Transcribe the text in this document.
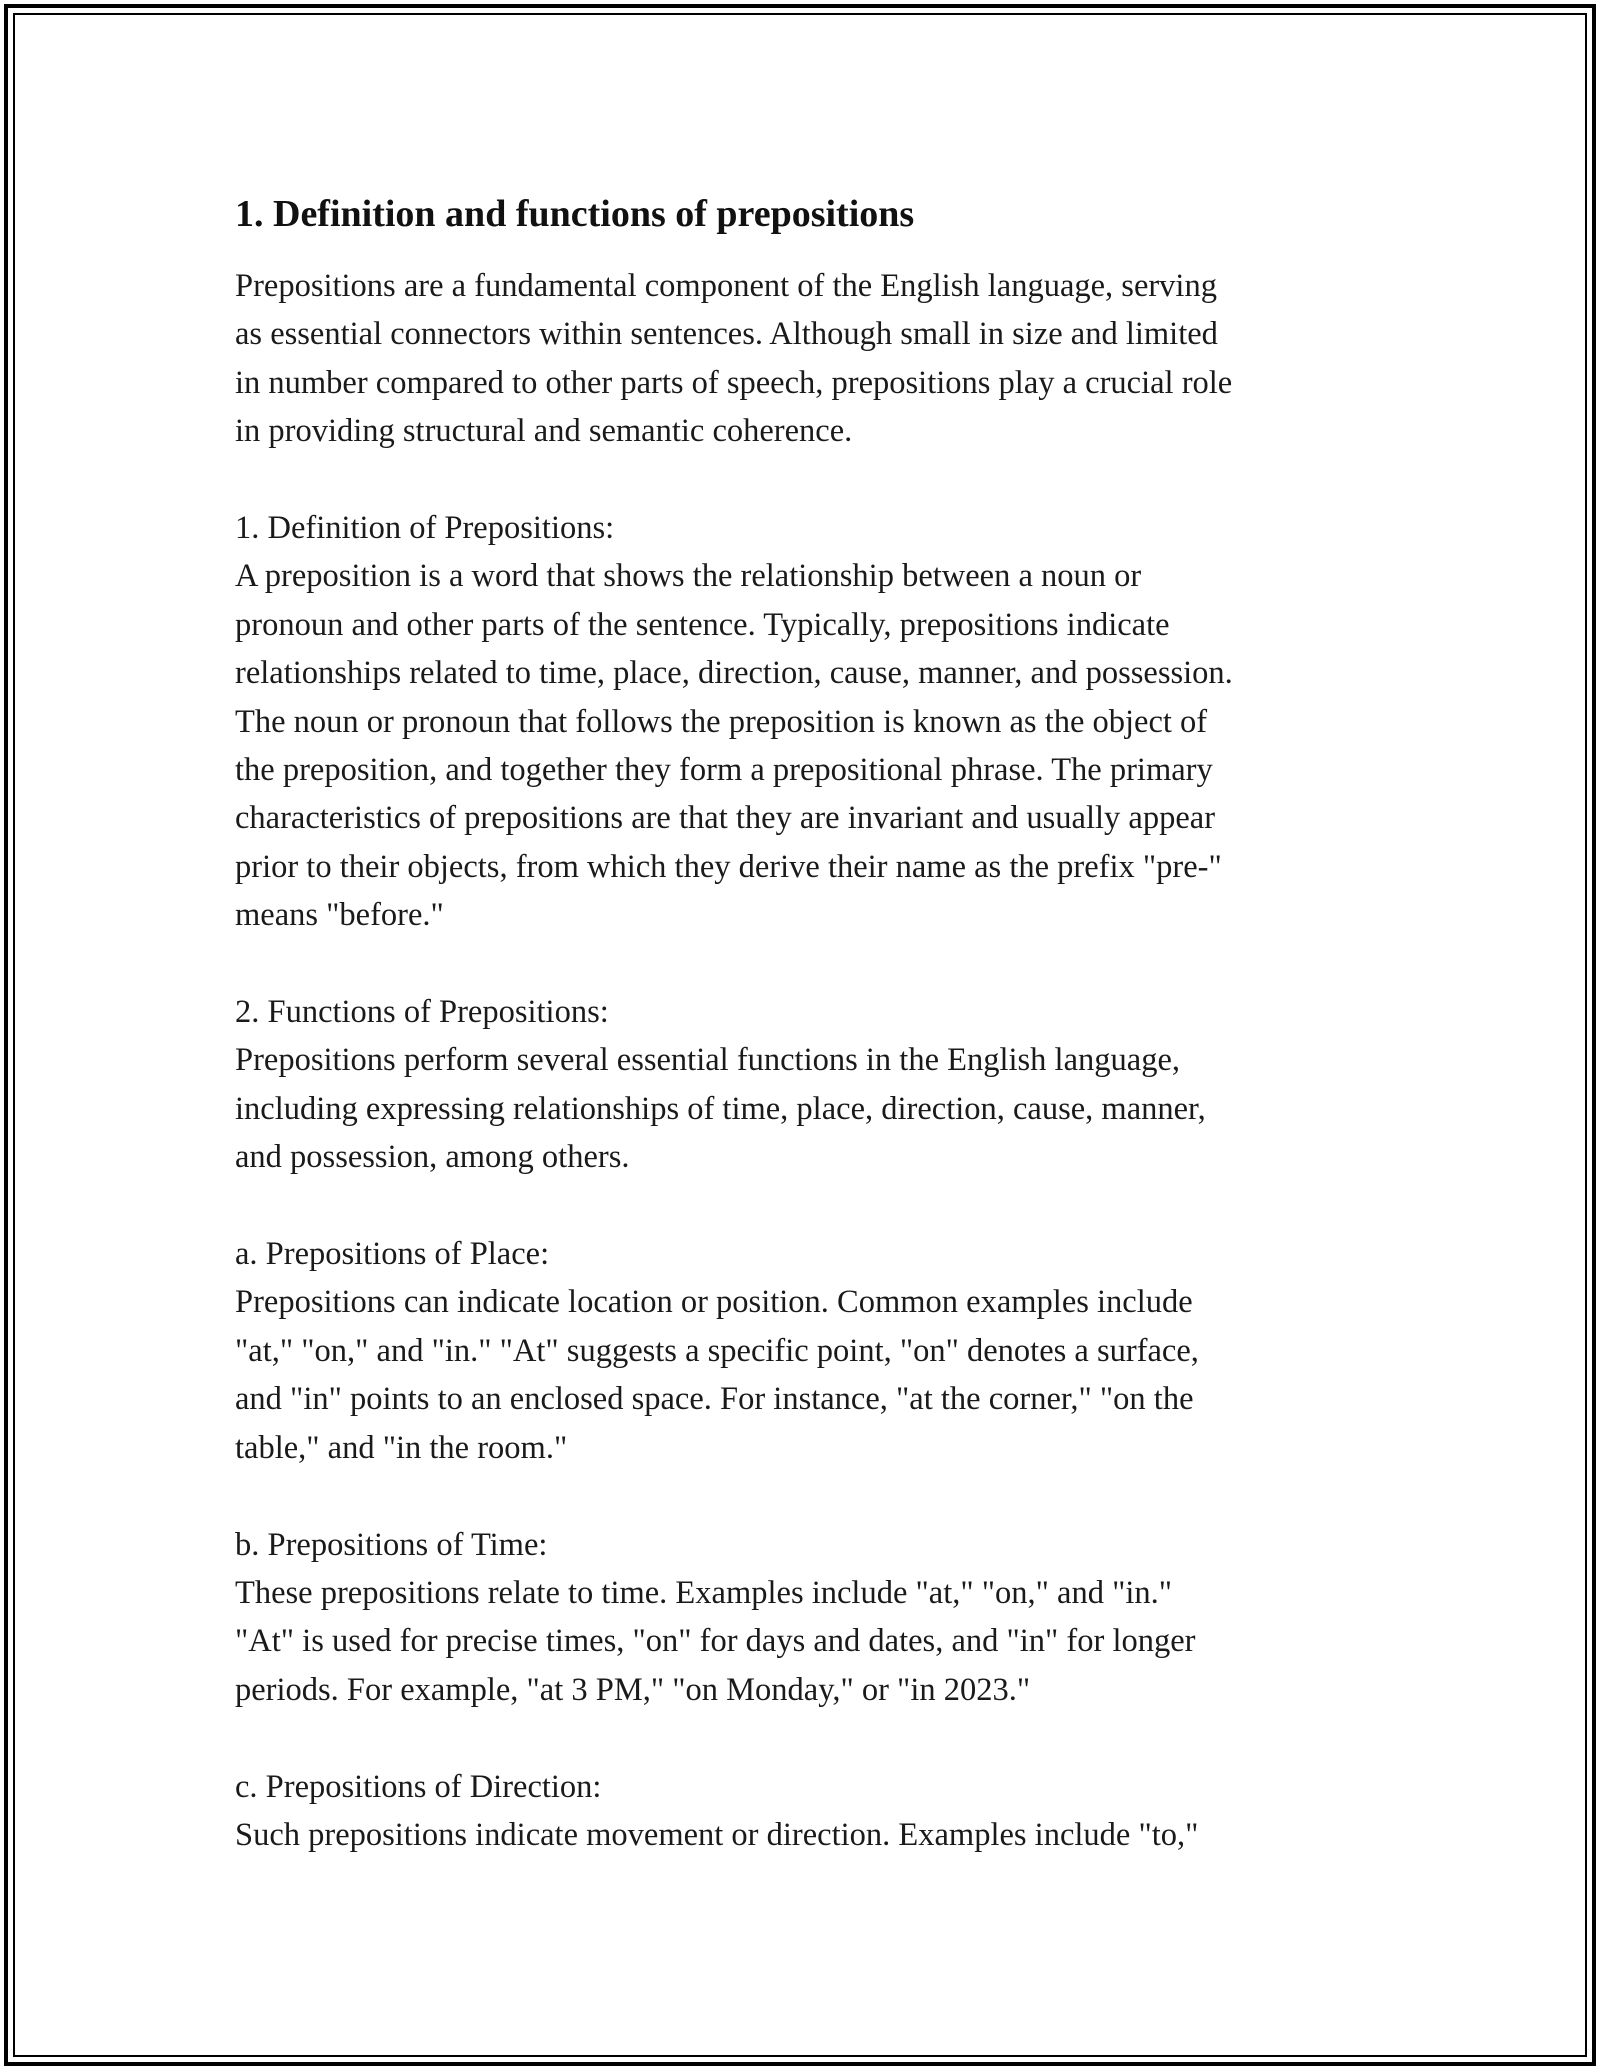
1. Definition and functions of prepositions

Prepositions are a fundamental component of the English language, serving
as essential connectors within sentences. Although small in size and limited
in number compared to other parts of speech, prepositions play a crucial role
in providing structural and semantic coherence.

1. Definition of Prepositions:
A preposition is a word that shows the relationship between a noun or
pronoun and other parts of the sentence. Typically, prepositions indicate
relationships related to time, place, direction, cause, manner, and possession.
The noun or pronoun that follows the preposition is known as the object of
the preposition, and together they form a prepositional phrase. The primary
characteristics of prepositions are that they are invariant and usually appear
prior to their objects, from which they derive their name as the prefix "pre-"
means "before."

2. Functions of Prepositions:
Prepositions perform several essential functions in the English language,
including expressing relationships of time, place, direction, cause, manner,
and possession, among others.

a. Prepositions of Place:
Prepositions can indicate location or position. Common examples include
"at," "on," and "in." "At" suggests a specific point, "on" denotes a surface,
and "in" points to an enclosed space. For instance, "at the corner," "on the
table," and "in the room."

b. Prepositions of Time:
These prepositions relate to time. Examples include "at," "on," and "in."
"At" is used for precise times, "on" for days and dates, and "in" for longer
periods. For example, "at 3 PM," "on Monday," or "in 2023."

c. Prepositions of Direction:
Such prepositions indicate movement or direction. Examples include "to,"
